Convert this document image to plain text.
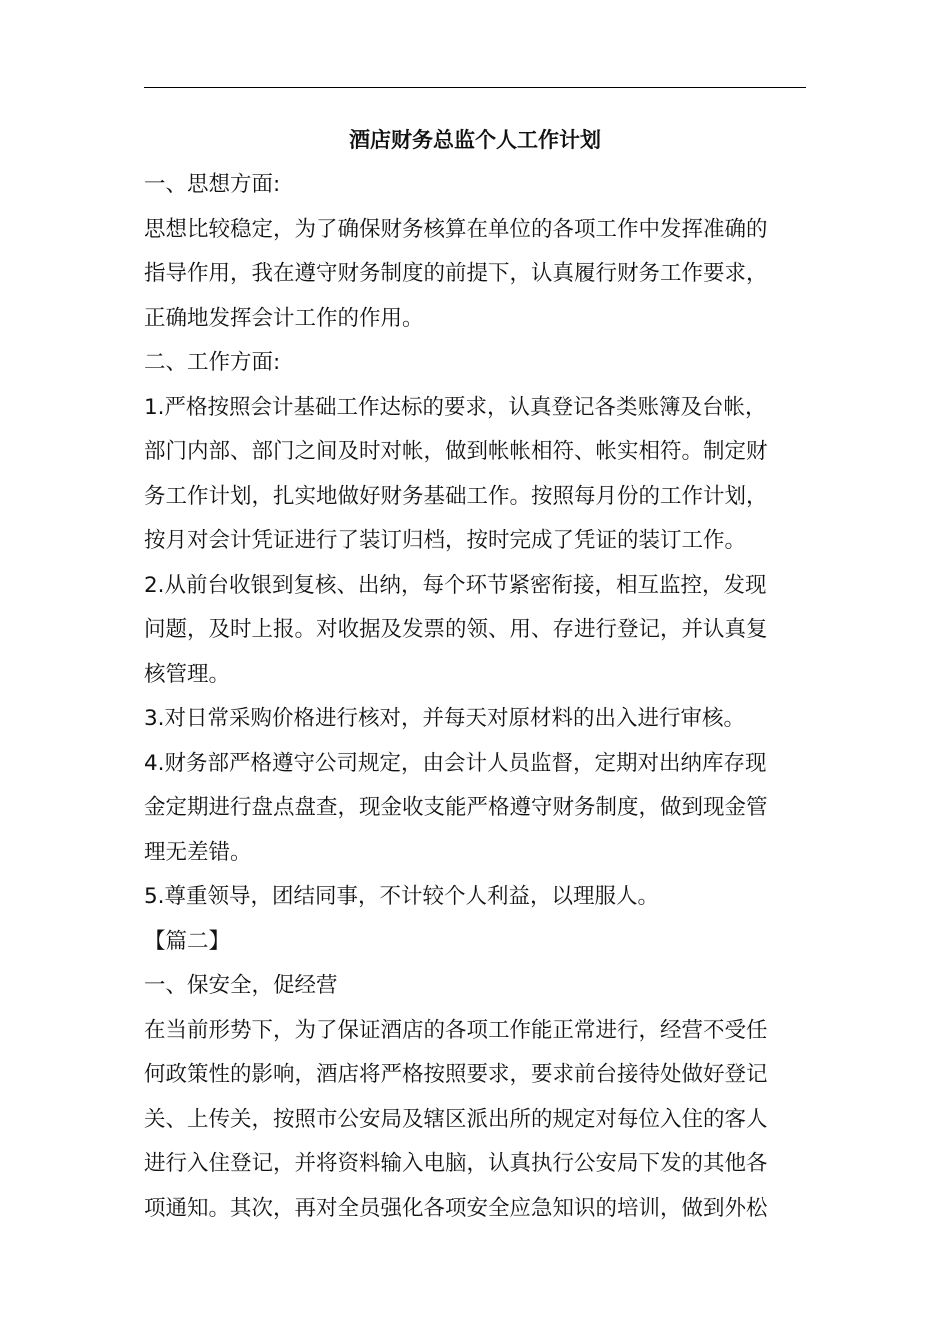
酒店财务总监个人工作计划
一、思想方面:
思想比较稳定，为了确保财务核算在单位的各项工作中发挥准确的
指导作用，我在遵守财务制度的前提下，认真履行财务工作要求，
正确地发挥会计工作的作用。
二、工作方面:
1.严格按照会计基础工作达标的要求，认真登记各类账簿及台帐，
部门内部、部门之间及时对帐，做到帐帐相符、帐实相符。制定财
务工作计划，扎实地做好财务基础工作。按照每月份的工作计划，
按月对会计凭证进行了装订归档，按时完成了凭证的装订工作。
2.从前台收银到复核、出纳，每个环节紧密衔接，相互监控，发现
问题，及时上报。对收据及发票的领、用、存进行登记，并认真复
核管理。
3.对日常采购价格进行核对，并每天对原材料的出入进行审核。
4.财务部严格遵守公司规定，由会计人员监督，定期对出纳库存现
金定期进行盘点盘查，现金收支能严格遵守财务制度，做到现金管
理无差错。
5.尊重领导，团结同事，不计较个人利益，以理服人。
【篇二】
一、保安全，促经营
在当前形势下，为了保证酒店的各项工作能正常进行，经营不受任
何政策性的影响，酒店将严格按照要求，要求前台接待处做好登记
关、上传关，按照市公安局及辖区派出所的规定对每位入住的客人
进行入住登记，并将资料输入电脑，认真执行公安局下发的其他各
项通知。其次，再对全员强化各项安全应急知识的培训，做到外松
